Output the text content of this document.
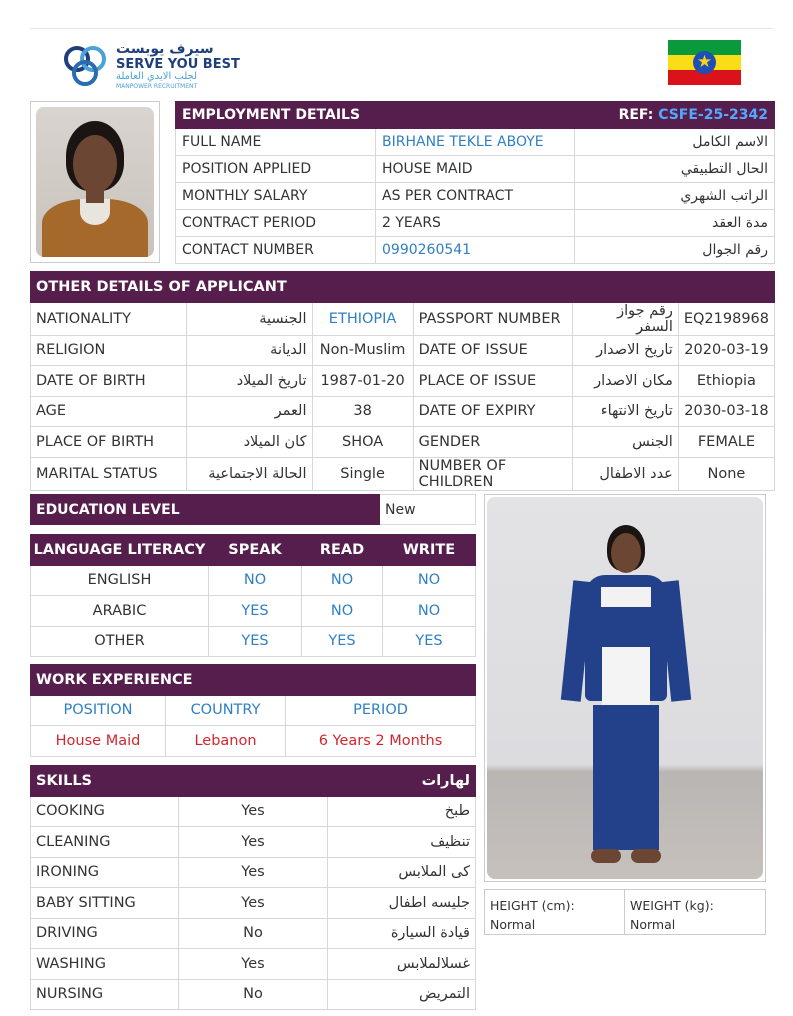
سيرف يوبست
SERVE YOU BEST
لجلب الايدي العاملة
MANPOWER RECRUITMENT
★
EMPLOYMENT DETAILS	REF: CSFE-25-2342	
FULL NAME	BIRHANE TEKLE ABOYE	الاسم الكامل
POSITION APPLIED	HOUSE MAID	الحال التطبيقي
MONTHLY SALARY	AS PER CONTRACT	الراتب الشهري
CONTRACT PERIOD	2 YEARS	مدة العقد
CONTACT NUMBER	0990260541	رقم الجوال
OTHER DETAILS OF APPLICANT					
NATIONALITY	الجنسية	ETHIOPIA	PASSPORT NUMBER	رقم جواز السفر	EQ2198968
RELIGION	الديانة	Non-Muslim	DATE OF ISSUE	تاريخ الاصدار	2020-03-19
DATE OF BIRTH	تاريخ الميلاد	1987-01-20	PLACE OF ISSUE	مكان الاصدار	Ethiopia
AGE	العمر	38	DATE OF EXPIRY	تاريخ الانتهاء	2030-03-18
PLACE OF BIRTH	كان الميلاد	SHOA	GENDER	الجنس	FEMALE
MARITAL STATUS	الحالة الاجتماعية	Single	NUMBER OF CHILDREN	عدد الاطفال	None
EDUCATION LEVEL	New
LANGUAGE LITERACY	SPEAK	READ	WRITE
ENGLISH	NO	NO	NO
ARABIC	YES	NO	NO
OTHER	YES	YES	YES
WORK EXPERIENCE		
POSITION	COUNTRY	PERIOD
House Maid	Lebanon	6 Years 2 Months
SKILLS		لهارات
COOKING	Yes	طبخ
CLEANING	Yes	تنظيف
IRONING	Yes	کی الملابس
BABY SITTING	Yes	جليسه اطفال
DRIVING	No	قيادة السيارة
WASHING	Yes	غسلالملابس
NURSING	No	التمريض
HEIGHT (cm):
Normal
WEIGHT (kg):
Normal
